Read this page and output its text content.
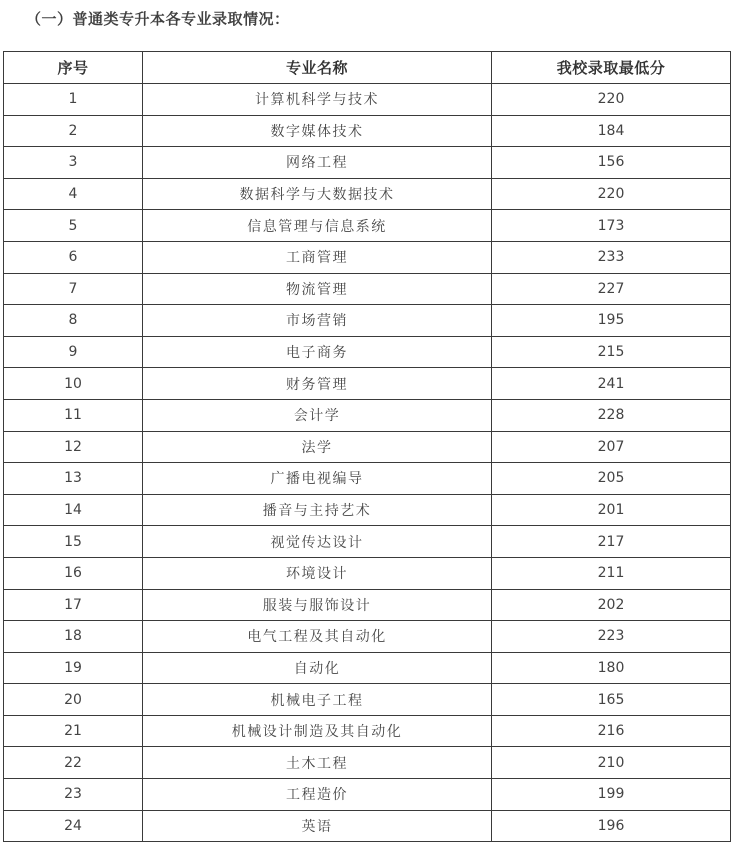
（一）普通类专升本各专业录取情况：
序号	专业名称	我校录取最低分
1	计算机科学与技术	220
2	数字媒体技术	184
3	网络工程	156
4	数据科学与大数据技术	220
5	信息管理与信息系统	173
6	工商管理	233
7	物流管理	227
8	市场营销	195
9	电子商务	215
10	财务管理	241
11	会计学	228
12	法学	207
13	广播电视编导	205
14	播音与主持艺术	201
15	视觉传达设计	217
16	环境设计	211
17	服装与服饰设计	202
18	电气工程及其自动化	223
19	自动化	180
20	机械电子工程	165
21	机械设计制造及其自动化	216
22	土木工程	210
23	工程造价	199
24	英语	196
